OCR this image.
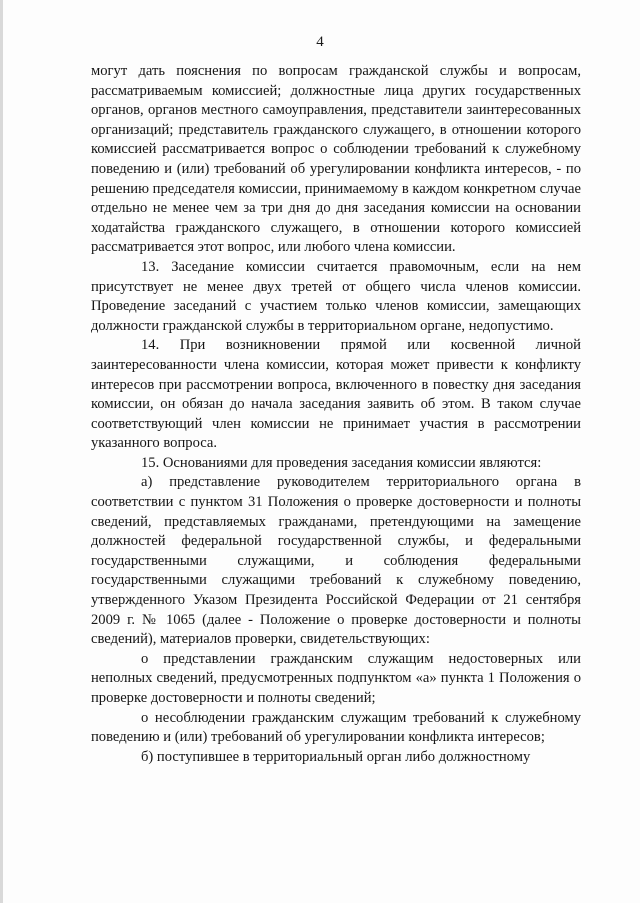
4

могут дать пояснения по вопросам гражданской службы и вопросам, рассматриваемым комиссией; должностные лица других государственных органов, органов местного самоуправления, представители заинтересованных организаций; представитель гражданского служащего, в отношении которого комиссией рассматривается вопрос о соблюдении требований к служебному поведению и (или) требований об урегулировании конфликта интересов, - по решению председателя комиссии, принимаемому в каждом конкретном случае отдельно не менее чем за три дня до дня заседания комиссии на основании ходатайства гражданского служащего, в отношении которого комиссией рассматривается этот вопрос, или любого члена комиссии.

13. Заседание комиссии считается правомочным, если на нем присутствует не менее двух третей от общего числа членов комиссии. Проведение заседаний с участием только членов комиссии, замещающих должности гражданской службы в территориальном органе, недопустимо.

14. При возникновении прямой или косвенной личной заинтересованности члена комиссии, которая может привести к конфликту интересов при рассмотрении вопроса, включенного в повестку дня заседания комиссии, он обязан до начала заседания заявить об этом. В таком случае соответствующий член комиссии не принимает участия в рассмотрении указанного вопроса.

15. Основаниями для проведения заседания комиссии являются:

а) представление руководителем территориального органа в соответствии с пунктом 31 Положения о проверке достоверности и полноты сведений, представляемых гражданами, претендующими на замещение должностей федеральной государственной службы, и федеральными государственными служащими, и соблюдения федеральными государственными служащими требований к служебному поведению, утвержденного Указом Президента Российской Федерации от 21 сентября 2009 г. № 1065 (далее - Положение о проверке достоверности и полноты сведений), материалов проверки, свидетельствующих:

о представлении гражданским служащим недостоверных или неполных сведений, предусмотренных подпунктом «а» пункта 1 Положения о проверке достоверности и полноты сведений;

о несоблюдении гражданским служащим требований к служебному поведению и (или) требований об урегулировании конфликта интересов;

б) поступившее в территориальный орган либо должностному
